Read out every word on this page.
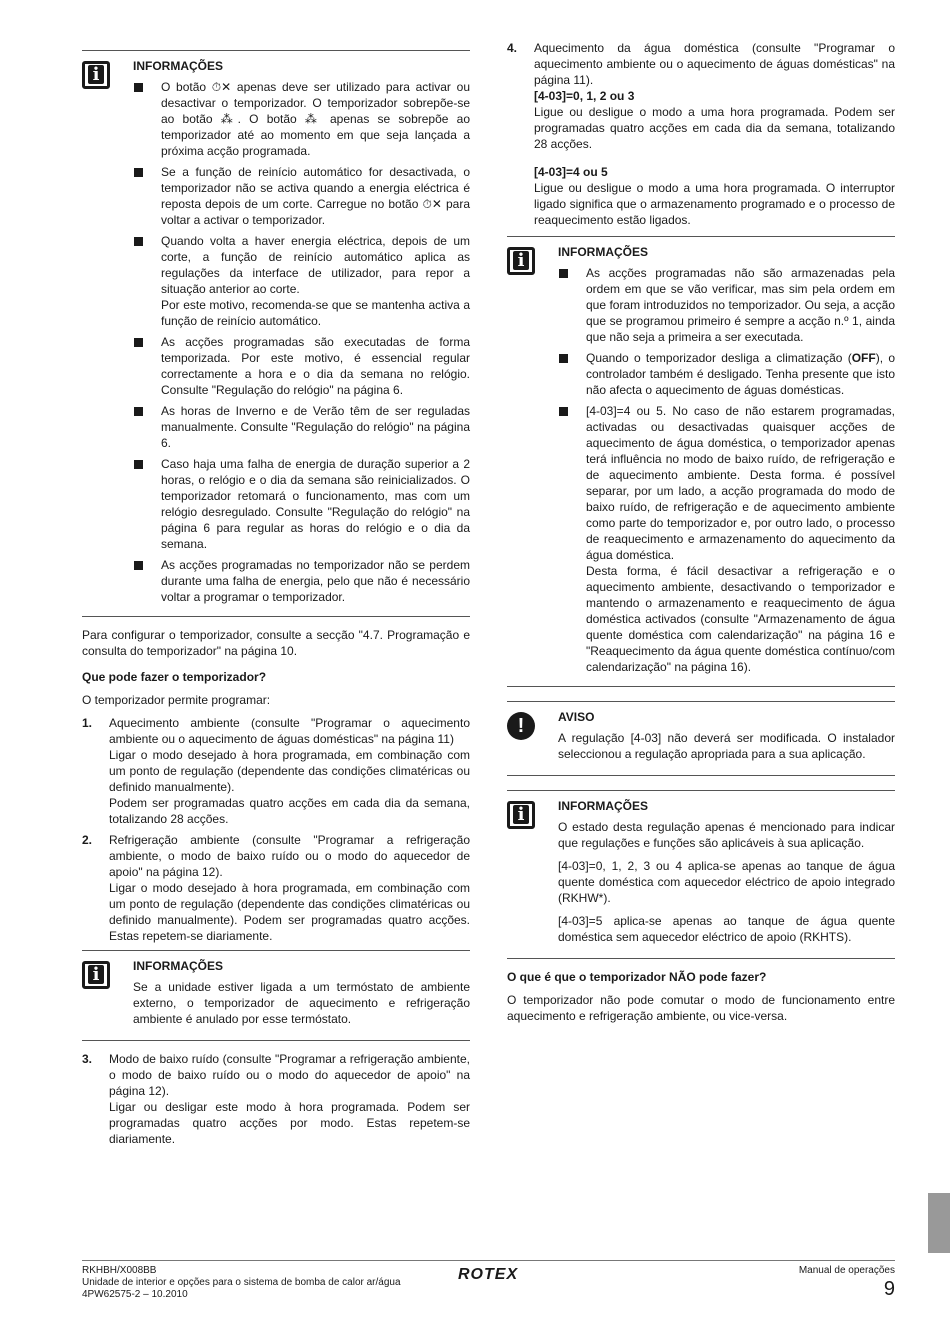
i	INFORMAÇÕES
O botão ⏱✕ apenas deve ser utilizado para activar ou desactivar o temporizador. O temporizador sobrepõe-se ao botão ⁂. O botão ⁂ apenas se sobrepõe ao temporizador até ao momento em que seja lançada a próxima acção programada.
Se a função de reinício automático for desactivada, o temporizador não se activa quando a energia eléctrica é reposta depois de um corte. Carregue no botão ⏱✕ para voltar a activar o temporizador.
Quando volta a haver energia eléctrica, depois de um corte, a função de reinício automático aplica as regulações da interface de utilizador, para repor a situação anterior ao corte.
Por este motivo, recomenda-se que se mantenha activa a função de reinício automático.
As acções programadas são executadas de forma temporizada. Por este motivo, é essencial regular correctamente a hora e o dia da semana no relógio. Consulte "Regulação do relógio" na página 6.
As horas de Inverno e de Verão têm de ser reguladas manualmente. Consulte "Regulação do relógio" na página 6.
Caso haja uma falha de energia de duração superior a 2 horas, o relógio e o dia da semana são reinicializados. O temporizador retomará o funcionamento, mas com um relógio desregulado. Consulte "Regulação do relógio" na página 6 para regular as horas do relógio e o dia da semana.
As acções programadas no temporizador não se perdem durante uma falha de energia, pelo que não é necessário voltar a programar o temporizador.

Para configurar o temporizador, consulte a secção "4.7. Programação e consulta do temporizador" na página 10.

Que pode fazer o temporizador?

O temporizador permite programar:

1. Aquecimento ambiente (consulte "Programar o aquecimento ambiente ou o aquecimento de águas domésticas" na página 11)
Ligar o modo desejado à hora programada, em combinação com um ponto de regulação (dependente das condições climatéricas ou definido manualmente).
Podem ser programadas quatro acções em cada dia da semana, totalizando 28 acções.
2. Refrigeração ambiente (consulte "Programar a refrigeração ambiente, o modo de baixo ruído ou o modo do aquecedor de apoio" na página 12).
Ligar o modo desejado à hora programada, em combinação com um ponto de regulação (dependente das condições climatéricas ou definido manualmente). Podem ser programadas quatro acções. Estas repetem-se diariamente.
i	INFORMAÇÕES

Se a unidade estiver ligada a um termóstato de ambiente externo, o temporizador de aquecimento e refrigeração ambiente é anulado por esse termóstato.

3. Modo de baixo ruído (consulte "Programar a refrigeração ambiente, o modo de baixo ruído ou o modo do aquecedor de apoio" na página 12).
Ligar ou desligar este modo à hora programada. Podem ser programadas quatro acções por modo. Estas repetem-se diariamente.
4. Aquecimento da água doméstica (consulte "Programar o aquecimento ambiente ou o aquecimento de águas domésticas" na página 11).
[4-03]=0, 1, 2 ou 3
Ligue ou desligue o modo a uma hora programada. Podem ser programadas quatro acções em cada dia da semana, totalizando 28 acções.
[4-03]=4 ou 5
Ligue ou desligue o modo a uma hora programada. O interruptor ligado significa que o armazenamento programado e o processo de reaquecimento estão ligados.
i	INFORMAÇÕES
As acções programadas não são armazenadas pela ordem em que se vão verificar, mas sim pela ordem em que foram introduzidos no temporizador. Ou seja, a acção que se programou primeiro é sempre a acção n.º 1, ainda que não seja a primeira a ser executada.
Quando o temporizador desliga a climatização (OFF), o controlador também é desligado. Tenha presente que isto não afecta o aquecimento de águas domésticas.
[4-03]=4 ou 5. No caso de não estarem programadas, activadas ou desactivadas quaisquer acções de aquecimento de água doméstica, o temporizador apenas terá influência no modo de baixo ruído, de refrigeração e de aquecimento ambiente. Desta forma. é possível separar, por um lado, a acção programada do modo de baixo ruído, de refrigeração e de aquecimento ambiente como parte do temporizador e, por outro lado, o processo de reaquecimento e armazenamento do aquecimento da água doméstica.
Desta forma, é fácil desactivar a refrigeração e o aquecimento ambiente, desactivando o temporizador e mantendo o armazenamento e reaquecimento de água doméstica activados (consulte "Armazenamento de água quente doméstica com calendarização" na página 16 e "Reaquecimento da água quente doméstica contínuo/com calendarização" na página 16).
!	AVISO

A regulação [4-03] não deverá ser modificada. O instalador seleccionou a regulação apropriada para a sua aplicação.

i	INFORMAÇÕES

O estado desta regulação apenas é mencionado para indicar que regulações e funções são aplicáveis à sua aplicação.

[4-03]=0, 1, 2, 3 ou 4 aplica-se apenas ao tanque de água quente doméstica com aquecedor eléctrico de apoio integrado (RKHW*).

[4-03]=5 aplica-se apenas ao tanque de água quente doméstica sem aquecedor eléctrico de apoio (RKHTS).

O que é que o temporizador NÃO pode fazer?

O temporizador não pode comutar o modo de funcionamento entre aquecimento e refrigeração ambiente, ou vice-versa.

RKHBH/X008BB
Unidade de interior e opções para o sistema de bomba de calor ar/água
4PW62575-2 – 10.2010
ROTEX	Manual de operações
9
